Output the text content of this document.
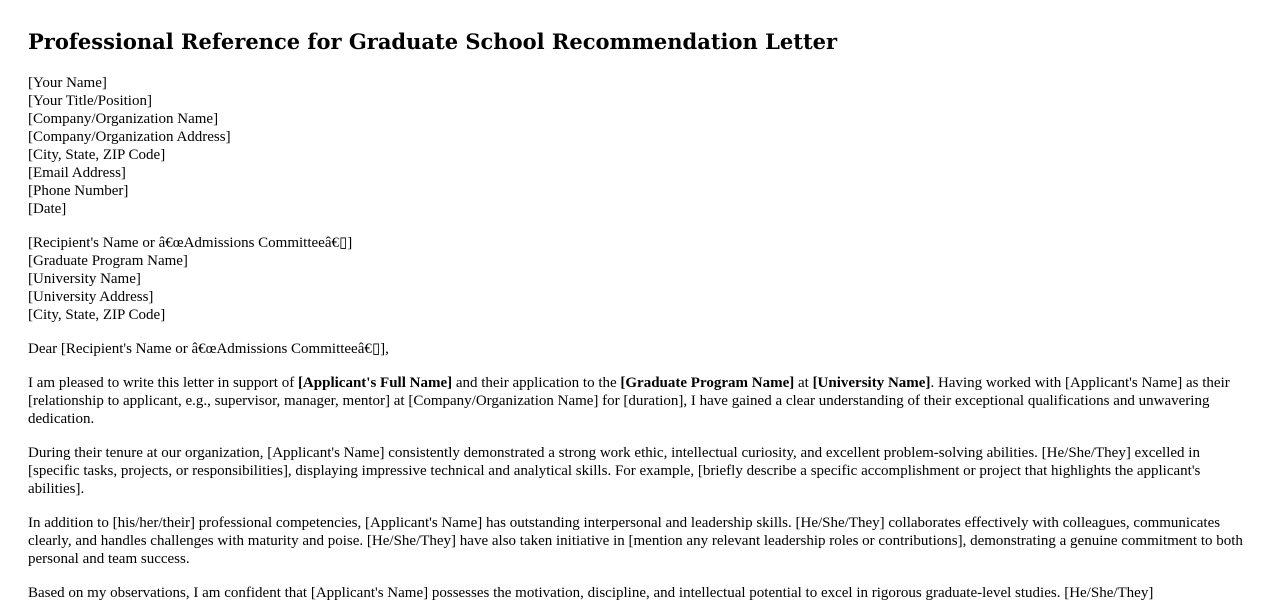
Professional Reference for Graduate School Recommendation Letter
[Your Name]
[Your Title/Position]
[Company/Organization Name]
[Company/Organization Address]
[City, State, ZIP Code]
[Email Address]
[Phone Number]
[Date]
[Recipient's Name or â€œAdmissions Committeeâ€▯]
[Graduate Program Name]
[University Name]
[University Address]
[City, State, ZIP Code]
Dear [Recipient's Name or â€œAdmissions Committeeâ€▯],

I am pleased to write this letter in support of [Applicant's Full Name] and their application to the [Graduate Program Name] at [University Name]. Having worked with [Applicant's Name] as their [relationship to applicant, e.g., supervisor, manager, mentor] at [Company/Organization Name] for [duration], I have gained a clear understanding of their exceptional qualifications and unwavering dedication.

During their tenure at our organization, [Applicant's Name] consistently demonstrated a strong work ethic, intellectual curiosity, and excellent problem-solving abilities. [He/She/They] excelled in [specific tasks, projects, or responsibilities], displaying impressive technical and analytical skills. For example, [briefly describe a specific accomplishment or project that highlights the applicant's abilities].

In addition to [his/her/their] professional competencies, [Applicant's Name] has outstanding interpersonal and leadership skills. [He/She/They] collaborates effectively with colleagues, communicates clearly, and handles challenges with maturity and poise. [He/She/They] have also taken initiative in [mention any relevant leadership roles or contributions], demonstrating a genuine commitment to both personal and team success.

Based on my observations, I am confident that [Applicant's Name] possesses the motivation, discipline, and intellectual potential to excel in rigorous graduate-level studies. [He/She/They]
